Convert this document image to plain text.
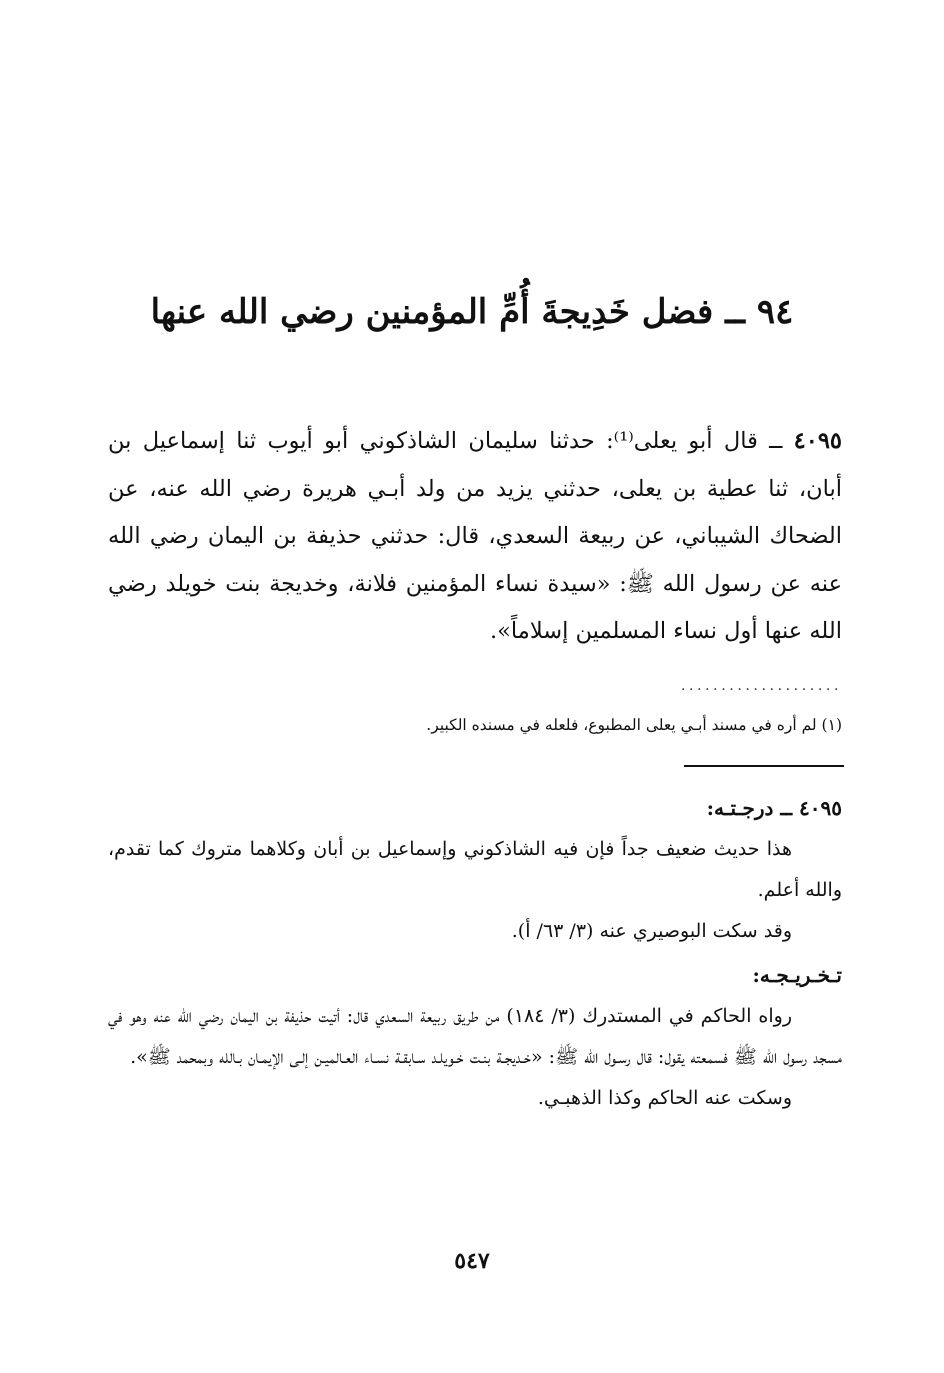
٩٤ ــ فضل خَدِيجةَ أُمِّ المؤمنين رضي الله عنها
٤٠٩٥ ــ قال أبو يعلى⁽¹⁾: حدثنا سليمان الشاذكوني أبو أيوب ثنا إسماعيل بن أبان، ثنا عطية بن يعلى، حدثني يزيد من ولد أبـي هريرة رضي الله عنه، عن الضحاك الشيباني، عن ربيعة السعدي، قال: حدثني حذيفة بن اليمان رضي الله عنه عن رسول الله ﷺ: «سيدة نساء المؤمنين فلانة، وخديجة بنت خويلد رضي الله عنها أول نساء المسلمين إسلاماً».
....................
(١) لم أره في مسند أبـي يعلى المطبوع، فلعله في مسنده الكبير.
٤٠٩٥ ــ درجـتـه:
هذا حديث ضعيف جداً فإن فيه الشاذكوني وإسماعيل بن أبان وكلاهما متروك كما تقدم، والله أعلم.
وقد سكت البوصيري عنه (٣/ ٦٣/ أ).
تـخـريـجـه:
رواه الحاكم في المستدرك (٣/ ١٨٤) من طريق ربيعة السعدي قال: أتيت حذيفة بن اليمان رضي الله عنه وهو في مسجد رسول الله ﷺ فسمعته يقول: قال رسـول الله ﷺ: «خـديجـة بنـت خـويلـد سـابقـة نسـاء العـالميـن إلـى الإيمـان بـالله وبمحمد ﷺ».
وسكت عنه الحاكم وكذا الذهبـي.
٥٤٧
